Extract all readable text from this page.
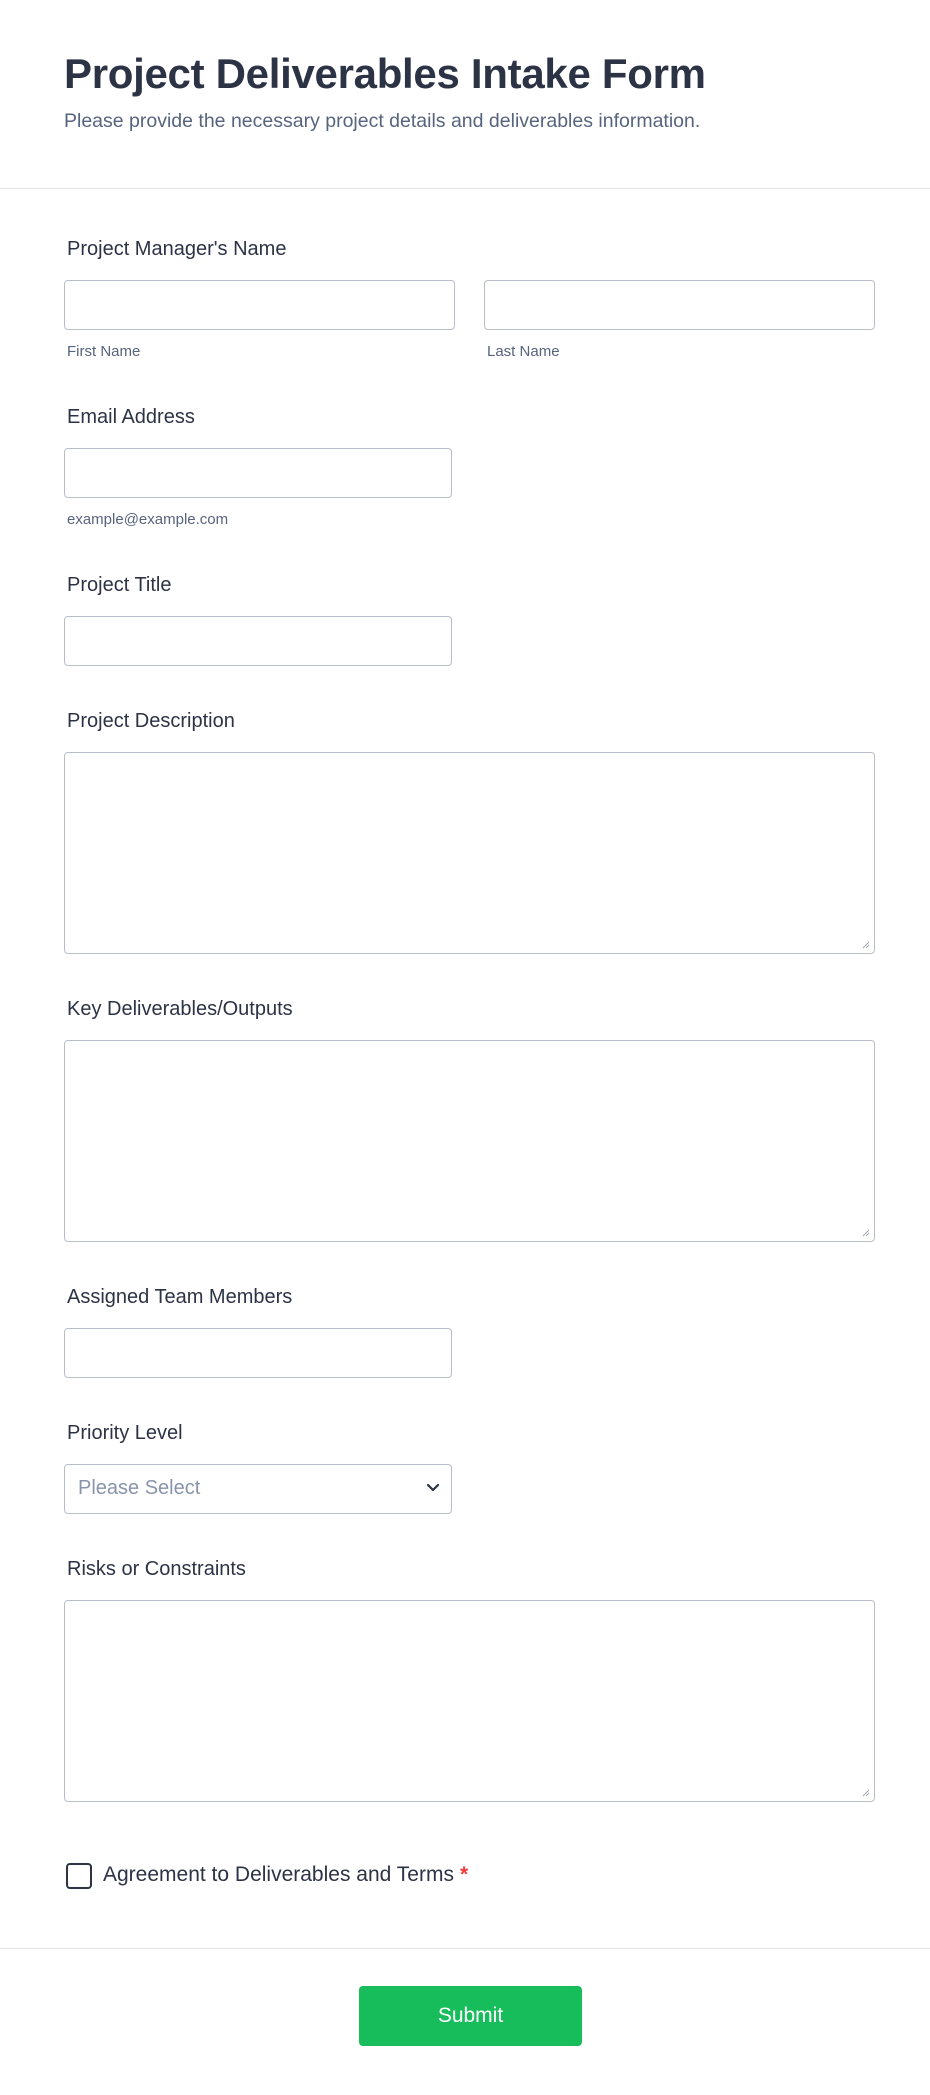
Project Deliverables Intake Form
Please provide the necessary project details and deliverables information.
Project Manager's Name
First Name	Last Name
Email Address
example@example.com
Project Title
Project Description
Key Deliverables/Outputs
Assigned Team Members
Priority Level
Please Select
Risks or Constraints
Agreement to Deliverables and Terms *
Submit
